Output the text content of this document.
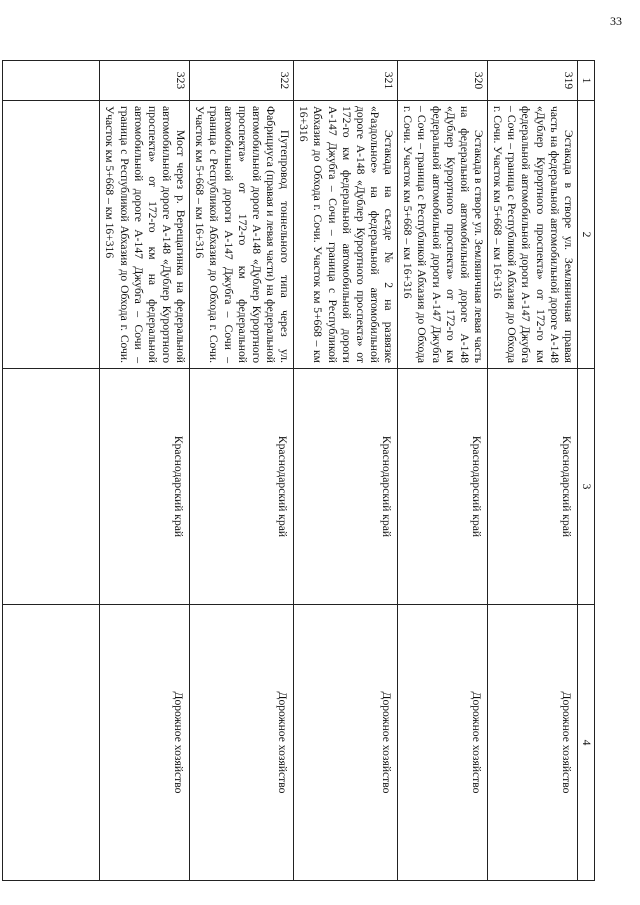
33
1	2	3	4
319	Эстакада в створе ул. Земляничная правая часть на федеральной автомобильной дороге А-148 «Дублер Курортного проспекта» от 172-го км федеральной автомобильной дороги А-147 Джубга – Сочи – граница с Республикой Абхазия до Обхода г. Сочи. Участок км 5+668 – км 16+316	Краснодарский край	Дорожное хозяйство
320	Эстакада в створе ул. Земляничная левая часть на федеральной автомобильной дороге А-148 «Дублер Курортного проспекта» от 172-го км федеральной автомобильной дороги А-147 Джубга – Сочи – граница с Республикой Абхазия до Обхода г. Сочи. Участок км 5+668 – км 16+316	Краснодарский край	Дорожное хозяйство
321	Эстакада на съезде № 2 на развязке «Раздольное» на федеральной автомобильной дороге А-148 «Дублер Курортного проспекта» от 172-го км федеральной автомобильной дороги А-147 Джубга – Сочи – граница с Республикой Абхазия до Обхода г. Сочи. Участок км 5+668 – км 16+316	Краснодарский край	Дорожное хозяйство
322	Путепровод тоннельного типа через ул. Фабрициуса (правая и левая части) на федеральной автомобильной дороге А-148 «Дублер Курортного проспекта» от 172-го км федеральной автомобильной дороги А-147 Джубга – Сочи – граница с Республикой Абхазия до Обхода г. Сочи. Участок км 5+668 – км 16+316	Краснодарский край	Дорожное хозяйство
323	Мост через р. Верещагинка на федеральной автомобильной дороге А-148 «Дублер Курортного проспекта» от 172-го км на федеральной автомобильной дороге А-147 Джубга – Сочи – граница с Республикой Абхазия до Обхода г. Сочи. Участок км 5+668 – км 16+316	Краснодарский край	Дорожное хозяйство
